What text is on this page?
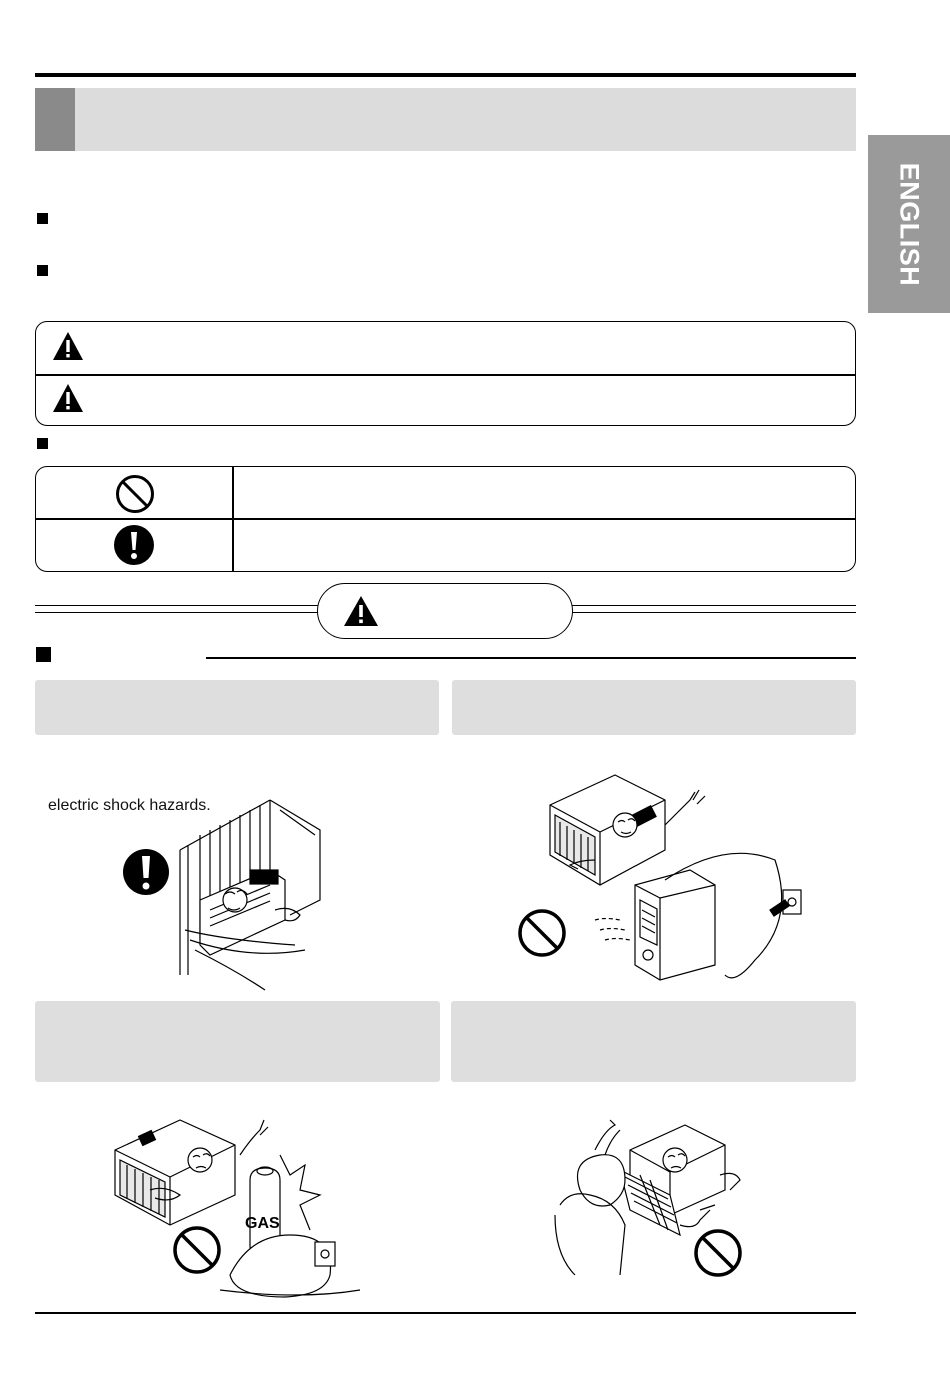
ENGLISH
electric shock hazards.
GAS
